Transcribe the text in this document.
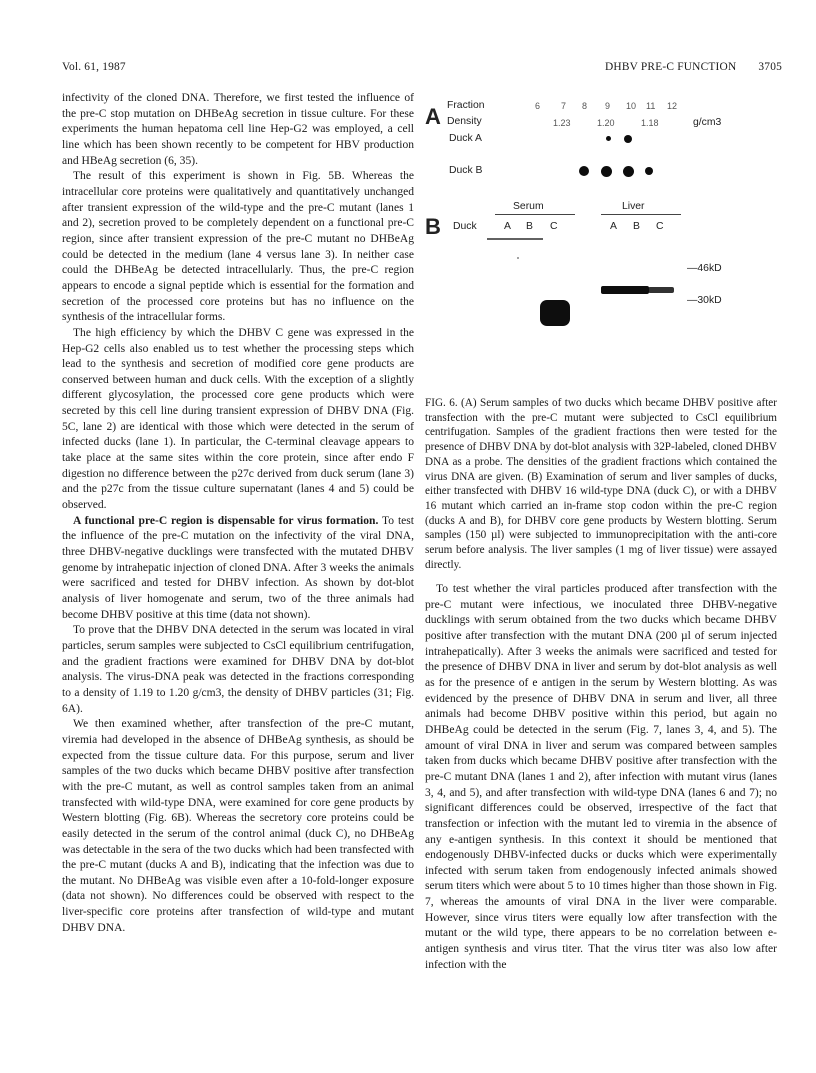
Vol. 61, 1987	DHBV PRE-C FUNCTION 3705

infectivity of the cloned DNA. Therefore, we first tested the influence of the pre-C stop mutation on DHBeAg secretion in tissue culture. For these experiments the human hepatoma cell line Hep-G2 was employed, a cell line which has been shown recently to be competent for HBV production and HBeAg secretion (6, 35).

The result of this experiment is shown in Fig. 5B. Whereas the intracellular core proteins were qualitatively and quantitatively unchanged after transient expression of the wild-type and the pre-C mutant (lanes 1 and 2), secretion proved to be completely dependent on a functional pre-C region, since after transient expression of the pre-C mutant no DHBeAg could be detected in the medium (lane 4 versus lane 3). In neither case could the DHBeAg be detected intracellularly. Thus, the pre-C region appears to encode a signal peptide which is essential for the formation and secretion of the processed core proteins but has no influence on the synthesis of the intracellular forms.

The high efficiency by which the DHBV C gene was expressed in the Hep-G2 cells also enabled us to test whether the processing steps which lead to the synthesis and secretion of modified core gene products are conserved between human and duck cells. With the exception of a slightly different glycosylation, the processed core gene products which were secreted by this cell line during transient expression of DHBV DNA (Fig. 5C, lane 2) are identical with those which were detected in the serum of infected ducks (lane 1). In particular, the C-terminal cleavage appears to take place at the same sites within the core protein, since after endo F digestion no difference between the p27c derived from duck serum (lane 3) and the p27c from the tissue culture supernatant (lanes 4 and 5) could be observed.

A functional pre-C region is dispensable for virus formation. To test the influence of the pre-C mutation on the infectivity of the viral DNA, three DHBV-negative ducklings were transfected with the mutated DHBV genome by intrahepatic injection of cloned DNA. After 3 weeks the animals were sacrificed and tested for DHBV infection. As shown by dot-blot analysis of liver homogenate and serum, two of the three animals had become DHBV positive at this time (data not shown).

To prove that the DHBV DNA detected in the serum was located in viral particles, serum samples were subjected to CsCl equilibrium centrifugation, and the gradient fractions were examined for DHBV DNA by dot-blot analysis. The virus-DNA peak was detected in the fractions corresponding to a density of 1.19 to 1.20 g/cm3, the density of DHBV particles (31; Fig. 6A).

We then examined whether, after transfection of the pre-C mutant, viremia had developed in the absence of DHBeAg synthesis, as should be expected from the tissue culture data. For this purpose, serum and liver samples of the two ducks which became DHBV positive after transfection with the pre-C mutant, as well as control samples taken from an animal transfected with wild-type DNA, were examined for core gene products by Western blotting (Fig. 6B). Whereas the secretory core proteins could be easily detected in the serum of the control animal (duck C), no DHBeAg was detectable in the sera of the two ducks which had been transfected with the pre-C mutant (ducks A and B), indicating that the infection was due to the mutant. No DHBeAg was visible even after a 10-fold-longer exposure (data not shown). No differences could be observed with respect to the liver-specific core proteins after transfection of wild-type and mutant DHBV DNA.

A Fraction	6 7 8 9 10 11 12
Density	1.23	1.20	1.18	g/cm3
Duck A
Duck B
B
Serum	Liver
Duck	A B C	A B C
—46kD
—30kD

FIG. 6. (A) Serum samples of two ducks which became DHBV positive after transfection with the pre-C mutant were subjected to CsCl equilibrium centrifugation. Samples of the gradient fractions then were tested for the presence of DHBV DNA by dot-blot analysis with 32P-labeled, cloned DHBV DNA as a probe. The densities of the gradient fractions which contained the virus DNA are given. (B) Examination of serum and liver samples of ducks, either transfected with DHBV 16 wild-type DNA (duck C), or with a DHBV 16 mutant which carried an in-frame stop codon within the pre-C region (ducks A and B), for DHBV core gene products by Western blotting. Serum samples (150 µl) were subjected to immunoprecipitation with the anti-core serum before analysis. The liver samples (1 mg of liver tissue) were assayed directly.

To test whether the viral particles produced after transfection with the pre-C mutant were infectious, we inoculated three DHBV-negative ducklings with serum obtained from the two ducks which became DHBV positive after transfection with the mutant DNA (200 µl of serum injected intrahepatically). After 3 weeks the animals were sacrificed and tested for the presence of DHBV DNA in liver and serum by dot-blot analysis as well as for the presence of e antigen in the serum by Western blotting. As was evidenced by the presence of DHBV DNA in serum and liver, all three animals had become DHBV positive within this period, but again no DHBeAg could be detected in the serum (Fig. 7, lanes 3, 4, and 5). The amount of viral DNA in liver and serum was compared between samples taken from ducks which became DHBV positive after transfection with the pre-C mutant DNA (lanes 1 and 2), after infection with mutant virus (lanes 3, 4, and 5), and after transfection with wild-type DNA (lanes 6 and 7); no significant differences could be observed, irrespective of the fact that transfection or infection with the mutant led to viremia in the absence of any e-antigen synthesis. In this context it should be mentioned that endogenously DHBV-infected ducks or ducks which were experimentally infected with serum taken from endogenously infected animals showed serum titers which were about 5 to 10 times higher than those shown in Fig. 7, whereas the amounts of viral DNA in the liver were comparable. However, since virus titers were equally low after transfection with the mutant or the wild type, there appears to be no correlation between e-antigen synthesis and virus titer. That the virus titer was also low after infection with the
